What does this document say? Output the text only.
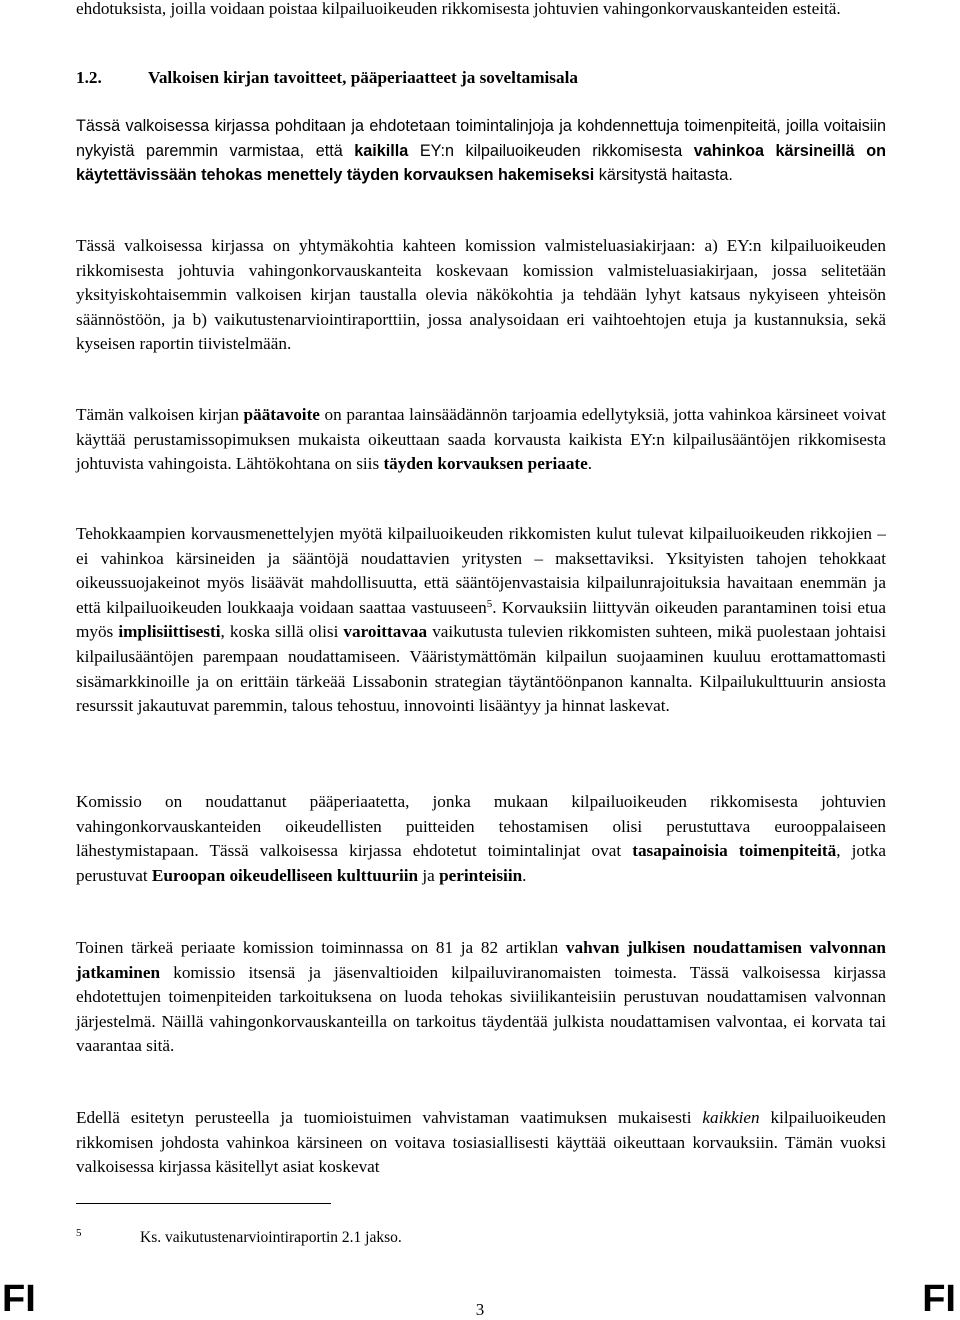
ehdotuksista, joilla voidaan poistaa kilpailuoikeuden rikkomisesta johtuvien vahingonkorvauskanteiden esteitä.

1.2.	Valkoisen kirjan tavoitteet, pääperiaatteet ja soveltamisala

Tässä valkoisessa kirjassa pohditaan ja ehdotetaan toimintalinjoja ja kohdennettuja toimenpiteitä, joilla voitaisiin nykyistä paremmin varmistaa, että kaikilla EY:n kilpailuoikeuden rikkomisesta vahinkoa kärsineillä on käytettävissään tehokas menettely täyden korvauksen hakemiseksi kärsitystä haitasta.

Tässä valkoisessa kirjassa on yhtymäkohtia kahteen komission valmisteluasiakirjaan: a) EY:n kilpailuoikeuden rikkomisesta johtuvia vahingonkorvauskanteita koskevaan komission valmisteluasiakirjaan, jossa selitetään yksityiskohtaisemmin valkoisen kirjan taustalla olevia näkökohtia ja tehdään lyhyt katsaus nykyiseen yhteisön säännöstöön, ja b) vaikutustenarviointiraporttiin, jossa analysoidaan eri vaihtoehtojen etuja ja kustannuksia, sekä kyseisen raportin tiivistelmään.

Tämän valkoisen kirjan päätavoite on parantaa lainsäädännön tarjoamia edellytyksiä, jotta vahinkoa kärsineet voivat käyttää perustamissopimuksen mukaista oikeuttaan saada korvausta kaikista EY:n kilpailusääntöjen rikkomisesta johtuvista vahingoista. Lähtökohtana on siis täyden korvauksen periaate.

Tehokkaampien korvausmenettelyjen myötä kilpailuoikeuden rikkomisten kulut tulevat kilpailuoikeuden rikkojien – ei vahinkoa kärsineiden ja sääntöjä noudattavien yritysten – maksettaviksi. Yksityisten tahojen tehokkaat oikeussuojakeinot myös lisäävät mahdollisuutta, että sääntöjenvastaisia kilpailunrajoituksia havaitaan enemmän ja että kilpailuoikeuden loukkaaja voidaan saattaa vastuuseen$^5$. Korvauksiin liittyvän oikeuden parantaminen toisi etua myös implisiittisesti, koska sillä olisi varoittavaa vaikutusta tulevien rikkomisten suhteen, mikä puolestaan johtaisi kilpailusääntöjen parempaan noudattamiseen. Vääristymättömän kilpailun suojaaminen kuuluu erottamattomasti sisämarkkinoille ja on erittäin tärkeää Lissabonin strategian täytäntöönpanon kannalta. Kilpailukulttuurin ansiosta resurssit jakautuvat paremmin, talous tehostuu, innovointi lisääntyy ja hinnat laskevat.

Komissio on noudattanut pääperiaatetta, jonka mukaan kilpailuoikeuden rikkomisesta johtuvien vahingonkorvauskanteiden oikeudellisten puitteiden tehostamisen olisi perustuttava eurooppalaiseen lähestymistapaan. Tässä valkoisessa kirjassa ehdotetut toimintalinjat ovat tasapainoisia toimenpiteitä, jotka perustuvat Euroopan oikeudelliseen kulttuuriin ja perinteisiin.

Toinen tärkeä periaate komission toiminnassa on 81 ja 82 artiklan vahvan julkisen noudattamisen valvonnan jatkaminen komissio itsensä ja jäsenvaltioiden kilpailuviranomaisten toimesta. Tässä valkoisessa kirjassa ehdotettujen toimenpiteiden tarkoituksena on luoda tehokas siviilikanteisiin perustuvan noudattamisen valvonnan järjestelmä. Näillä vahingonkorvauskanteilla on tarkoitus täydentää julkista noudattamisen valvontaa, ei korvata tai vaarantaa sitä.

Edellä esitetyn perusteella ja tuomioistuimen vahvistaman vaatimuksen mukaisesti kaikkien kilpailuoikeuden rikkomisen johdosta vahinkoa kärsineen on voitava tosiasiallisesti käyttää oikeuttaan korvauksiin. Tämän vuoksi valkoisessa kirjassa käsitellyt asiat koskevat

5	Ks. vaikutustenarviointiraportin 2.1 jakso.
FI	3	FI
